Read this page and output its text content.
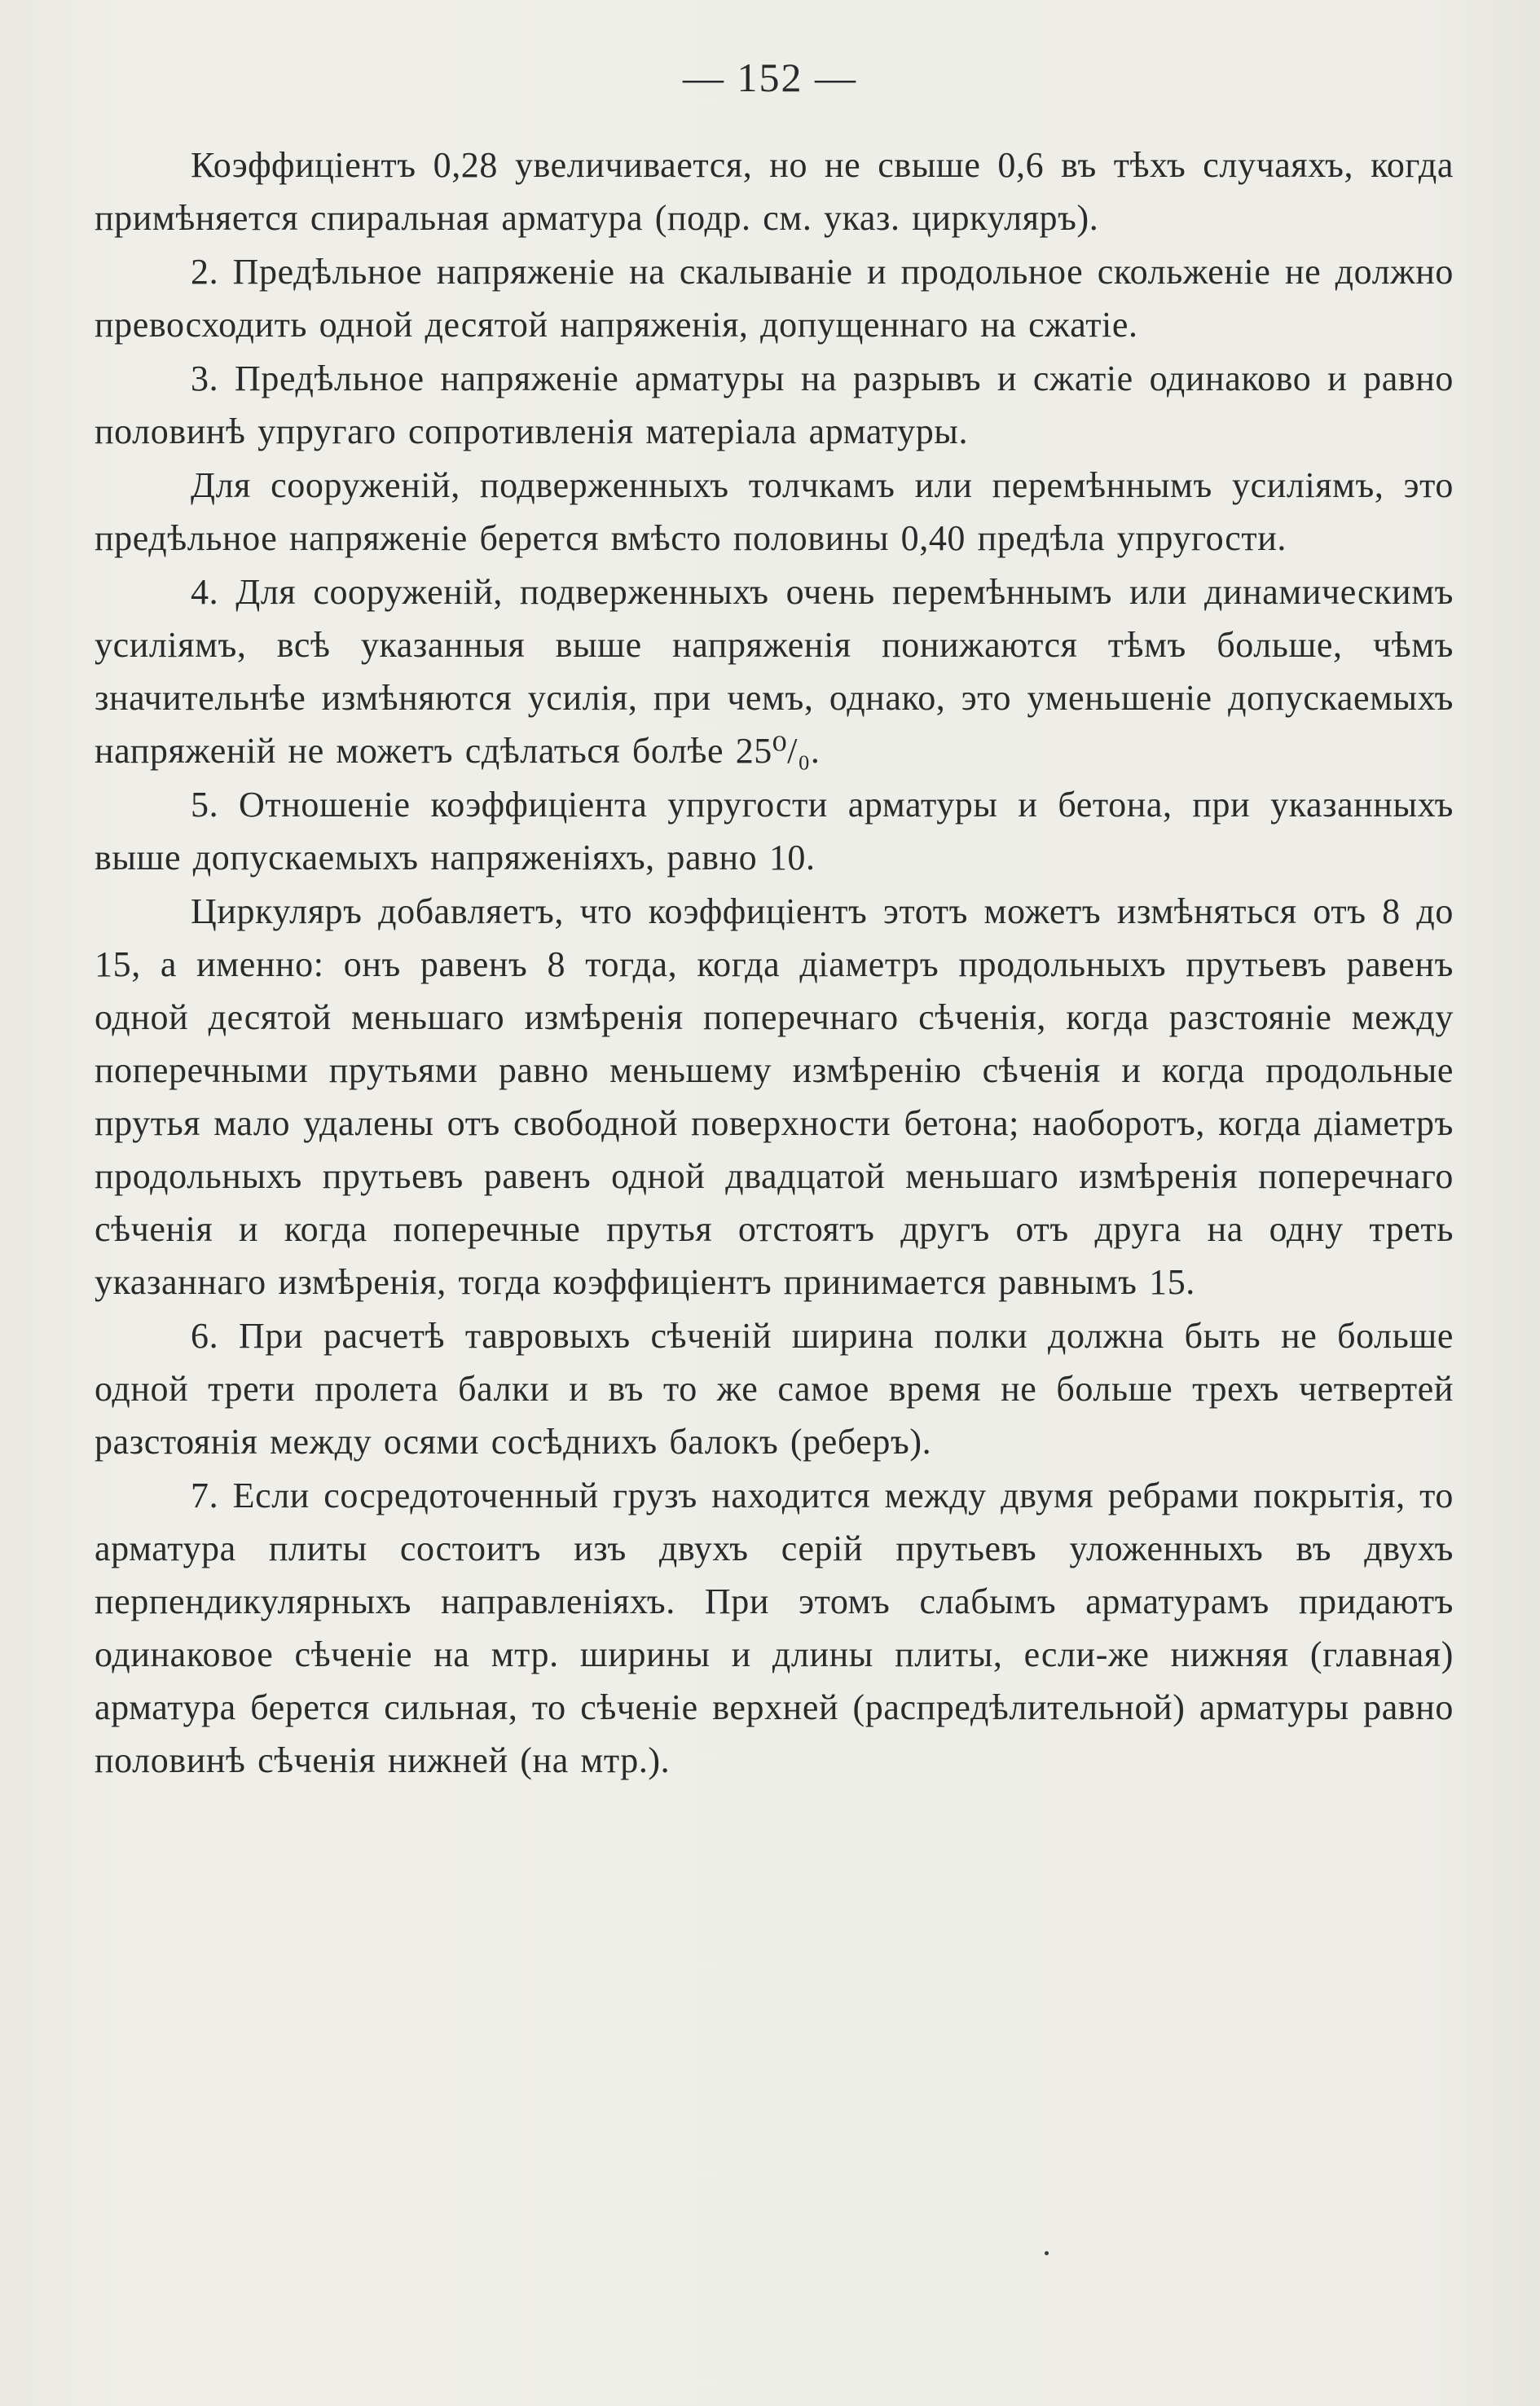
— 152 —

Коэффиціентъ 0,28 увеличивается, но не свыше 0,6 въ тѣхъ случаяхъ, когда примѣняется спиральная арматура (подр. см. указ. циркуляръ).

2. Предѣльное напряженіе на скалываніе и продольное скольженіе не должно превосходить одной десятой напряженія, допущеннаго на сжатіе.

3. Предѣльное напряженіе арматуры на разрывъ и сжатіе одинаково и равно половинѣ упругаго сопротивленія матеріала арматуры.

Для сооруженій, подверженныхъ толчкамъ или перемѣннымъ усиліямъ, это предѣльное напряженіе берется вмѣсто половины 0,40 предѣла упругости.

4. Для сооруженій, подверженныхъ очень перемѣннымъ или динамическимъ усиліямъ, всѣ указанныя выше напряженія понижаются тѣмъ больше, чѣмъ значительнѣе измѣняются усилія, при чемъ, однако, это уменьшеніе допускаемыхъ напряженій не можетъ сдѣлаться болѣе 25⁰/₀.

5. Отношеніе коэффиціента упругости арматуры и бетона, при указанныхъ выше допускаемыхъ напряженіяхъ, равно 10.

Циркуляръ добавляетъ, что коэффиціентъ этотъ можетъ измѣняться отъ 8 до 15, а именно: онъ равенъ 8 тогда, когда діаметръ продольныхъ прутьевъ равенъ одной десятой меньшаго измѣренія поперечнаго сѣченія, когда разстояніе между поперечными прутьями равно меньшему измѣренію сѣченія и когда продольные прутья мало удалены отъ свободной поверхности бетона; наоборотъ, когда діаметръ продольныхъ прутьевъ равенъ одной двадцатой меньшаго измѣренія поперечнаго сѣченія и когда поперечные прутья отстоятъ другъ отъ друга на одну треть указаннаго измѣренія, тогда коэффиціентъ принимается равнымъ 15.

6. При расчетѣ тавровыхъ сѣченій ширина полки должна быть не больше одной трети пролета балки и въ то же самое время не больше трехъ четвертей разстоянія между осями сосѣднихъ балокъ (реберъ).

7. Если сосредоточенный грузъ находится между двумя ребрами покрытія, то арматура плиты состоитъ изъ двухъ серій прутьевъ уложенныхъ въ двухъ перпендикулярныхъ направленіяхъ. При этомъ слабымъ арматурамъ придаютъ одинаковое сѣченіе на мтр. ширины и длины плиты, если-же нижняя (главная) арматура берется сильная, то сѣченіе верхней (распредѣлительной) арматуры равно половинѣ сѣченія нижней (на мтр.).
